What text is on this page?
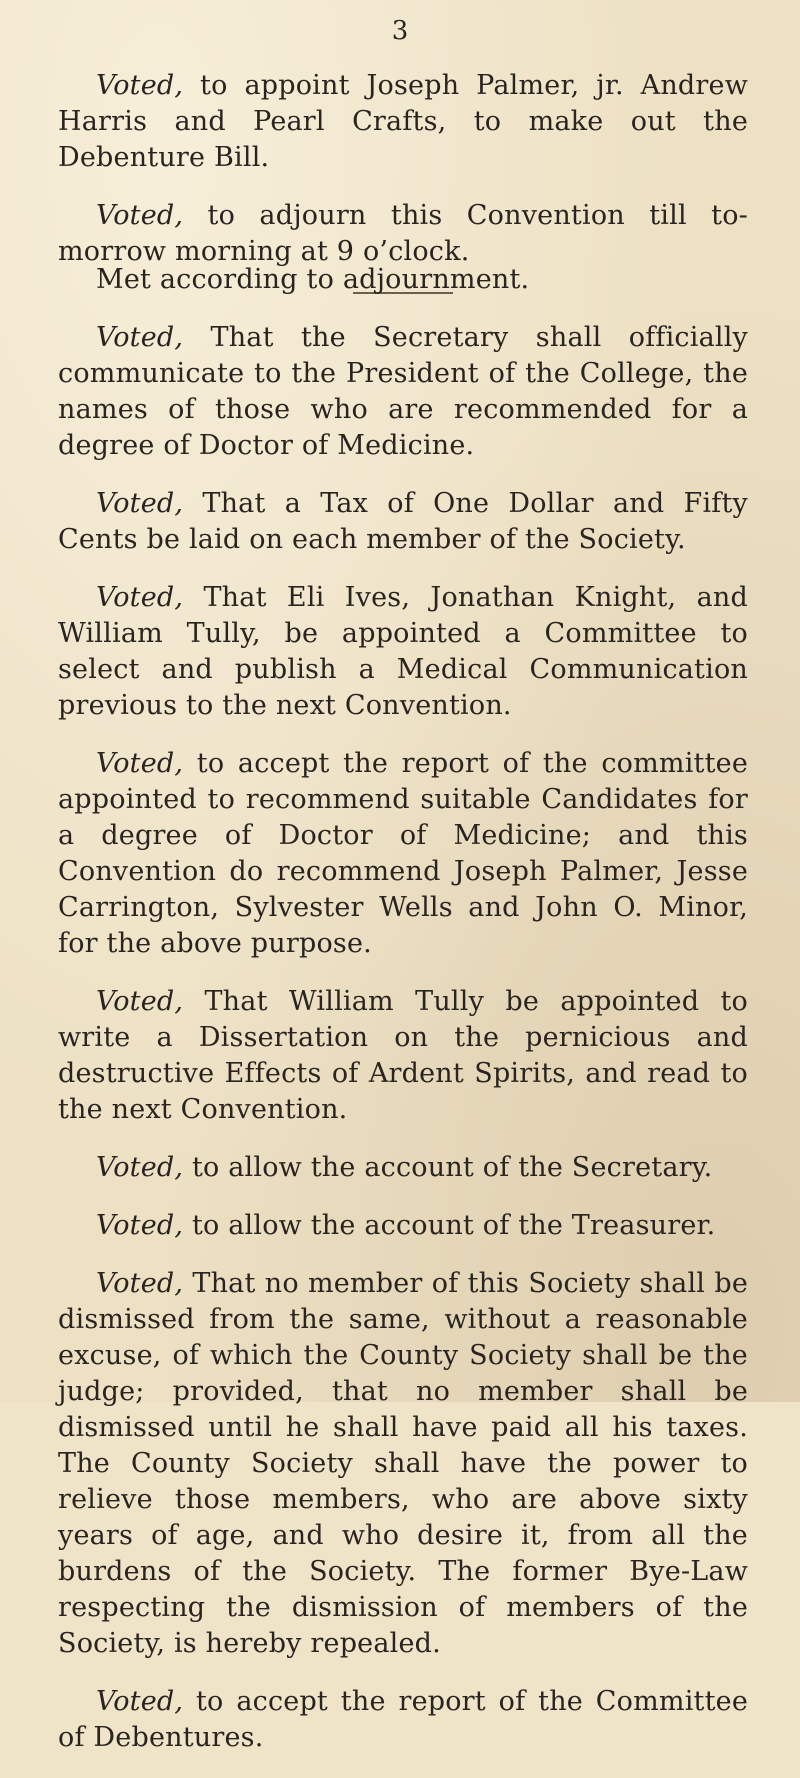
3

Voted, to appoint Joseph Palmer, jr. Andrew Harris and Pearl Crafts, to make out the Debenture Bill.

Voted, to adjourn this Convention till to-morrow morning at 9 o’clock.

Met according to adjournment.

Voted, That the Secretary shall officially communicate to the President of the College, the names of those who are recommended for a degree of Doctor of Medicine.

Voted, That a Tax of One Dollar and Fifty Cents be laid on each member of the Society.

Voted, That Eli Ives, Jonathan Knight, and William Tully, be appointed a Committee to select and publish a Medical Communication previous to the next Convention.

Voted, to accept the report of the committee appointed to recommend suitable Candidates for a degree of Doctor of Medicine; and this Convention do recommend Joseph Palmer, Jesse Carrington, Sylvester Wells and John O. Minor, for the above purpose.

Voted, That William Tully be appointed to write a Dissertation on the pernicious and destructive Effects of Ardent Spirits, and read to the next Convention.

Voted, to allow the account of the Secretary.

Voted, to allow the account of the Treasurer.

Voted, That no member of this Society shall be dismissed from the same, without a reasonable excuse, of which the County Society shall be the judge; provided, that no member shall be dismissed until he shall have paid all his taxes. The County Society shall have the power to relieve those members, who are above sixty years of age, and who desire it, from all the burdens of the Society. The former Bye-Law respecting the dismission of members of the Society, is hereby repealed.

Voted, to accept the report of the Committee of Debentures.
